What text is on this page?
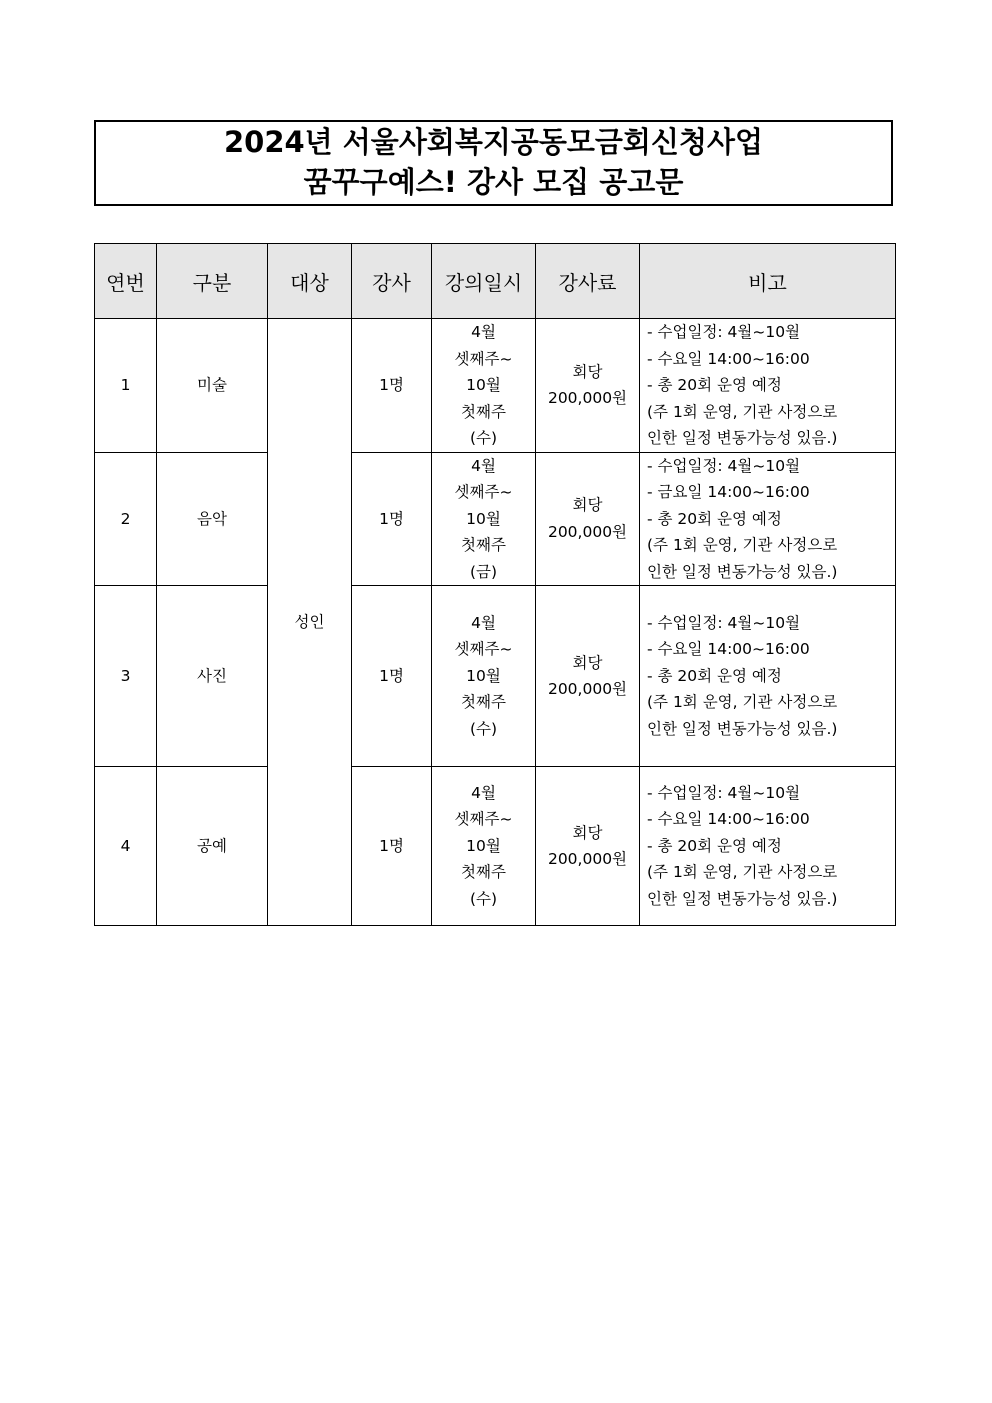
2024년 서울사회복지공동모금회신청사업
꿈꾸구예스! 강사 모집 공고문
연번	구분	대상	강사	강의일시	강사료	비고
1	미술	성인	1명	4월
셋째주~
10월
첫째주
(수)	회당
200,000원	- 수업일정: 4월~10월
- 수요일 14:00~16:00
- 총 20회 운영 예정
(주 1회 운영, 기관 사정으로
인한 일정 변동가능성 있음.)

2	음악		1명	4월
셋째주~
10월
첫째주
(금)	회당
200,000원	- 수업일정: 4월~10월
- 금요일 14:00~16:00
- 총 20회 운영 예정
(주 1회 운영, 기관 사정으로
인한 일정 변동가능성 있음.)

3	사진		1명	4월
셋째주~
10월
첫째주
(수)	회당
200,000원	- 수업일정: 4월~10월
- 수요일 14:00~16:00
- 총 20회 운영 예정
(주 1회 운영, 기관 사정으로
인한 일정 변동가능성 있음.)

4	공예		1명	4월
셋째주~
10월
첫째주
(수)	회당
200,000원	- 수업일정: 4월~10월
- 수요일 14:00~16:00
- 총 20회 운영 예정
(주 1회 운영, 기관 사정으로
인한 일정 변동가능성 있음.)
